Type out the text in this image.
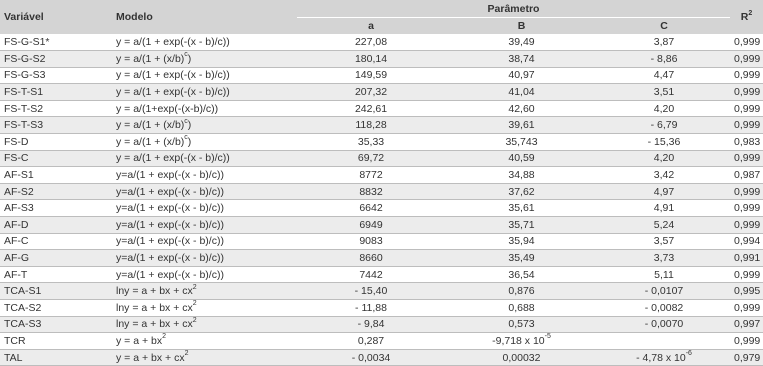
Variável	Modelo	Parâmetro			$R^2$
		a	B	C	
FS-G-S1*	y = a/(1 + exp(-(x - b)/c))	227,08	39,49	3,87	0,999
FS-G-S2	$y = a/(1 + (x/b)^c)$	180,14	38,74	- 8,86	0,999
FS-G-S3	y = a/(1 + exp(-(x - b)/c))	149,59	40,97	4,47	0,999
FS-T-S1	y = a/(1 + exp(-(x - b)/c))	207,32	41,04	3,51	0,999
FS-T-S2	y = a/(1+exp(-(x-b)/c))	242,61	42,60	4,20	0,999
FS-T-S3	$y = a/(1 + (x/b)^c)$	118,28	39,61	- 6,79	0,999
FS-D	$y = a/(1 + (x/b)^c)$	35,33	35,743	- 15,36	0,983
FS-C	y = a/(1 + exp(-(x - b)/c))	69,72	40,59	4,20	0,999
AF-S1	y=a/(1 + exp(-(x - b)/c))	8772	34,88	3,42	0,987
AF-S2	y=a/(1 + exp(-(x - b)/c))	8832	37,62	4,97	0,999
AF-S3	y=a/(1 + exp(-(x - b)/c))	6642	35,61	4,91	0,999
AF-D	y=a/(1 + exp(-(x - b)/c))	6949	35,71	5,24	0,999
AF-C	y=a/(1 + exp(-(x - b)/c))	9083	35,94	3,57	0,994
AF-G	y=a/(1 + exp(-(x - b)/c))	8660	35,49	3,73	0,991
AF-T	y=a/(1 + exp(-(x - b)/c))	7442	36,54	5,11	0,999
TCA-S1	lny = a + bx + $cx^2$	- 15,40	0,876	- 0,0107	0,995
TCA-S2	lny = a + bx + $cx^2$	- 11,88	0,688	- 0,0082	0,999
TCA-S3	lny = a + bx + $cx^2$	- 9,84	0,573	- 0,0070	0,997
TCR	$y = a + bx^2$	0,287	-9,718 x $10^{-5}$		0,999
TAL	y = a + bx + $cx^2$	- 0,0034	0,00032	- 4,78 x $10^{-6}$	0,979
